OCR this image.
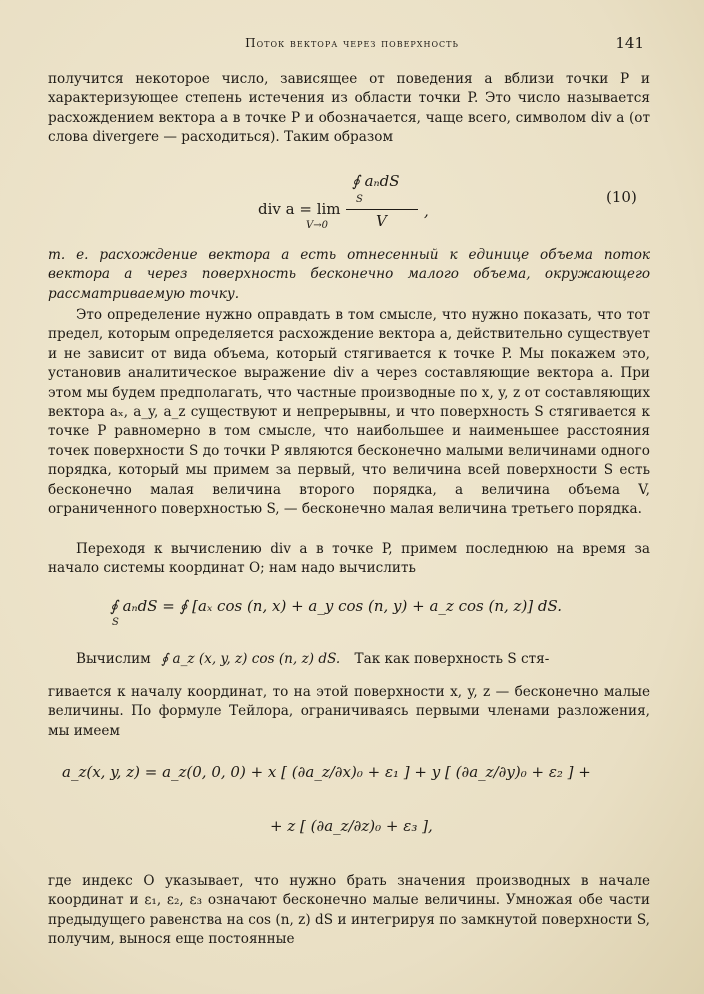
Поток вектора через поверхность	141

получится некоторое число, зависящее от поведения a вблизи точки P и характеризующее степень истечения из области точки P. Это число называется расхождением вектора a в точке P и обозначается, чаще всего, символом div a (от слова divergere — расходиться). Таким образом

∮ aₙdS
S
div a = lim
V→0	V
,
(10)

т. е. расхождение вектора a есть отнесенный к единице объема поток вектора a через поверхность бесконечно малого объема, окружающего рассматриваемую точку.

Это определение нужно оправдать в том смысле, что нужно показать, что тот предел, которым определяется расхождение вектора a, действительно существует и не зависит от вида объема, который стягивается к точке P. Мы покажем это, установив аналитическое выражение div a через составляющие вектора a. При этом мы будем предполагать, что частные производные по x, y, z от составляющих вектора aₓ, a_y, a_z существуют и непрерывны, и что поверхность S стягивается к точке P равномерно в том смысле, что наибольшее и наименьшее расстояния точек поверхности S до точки P являются бесконечно малыми величинами одного порядка, который мы примем за первый, что величина всей поверхности S есть бесконечно малая величина второго порядка, а величина объема V, ограниченного поверхностью S, — бесконечно малая величина третьего порядка.

Переходя к вычислению div a в точке P, примем последнюю на время за начало системы координат O; нам надо вычислить

∮ aₙdS = ∮ [aₓ cos (n, x) + a_y cos (n, y) + a_z cos (n, z)] dS.
S

Вычислим ∮ a_z (x, y, z) cos (n, z) dS. Так как поверхность S стя-

гивается к началу координат, то на этой поверхности x, y, z — бесконечно малые величины. По формуле Тейлора, ограничиваясь первыми членами разложения, мы имеем

a_z(x, y, z) = a_z(0, 0, 0) + x [ (∂a_z/∂x)₀ + ε₁ ] + y [ (∂a_z/∂y)₀ + ε₂ ] +
+ z [ (∂a_z/∂z)₀ + ε₃ ],

где индекс O указывает, что нужно брать значения производных в начале координат и ε₁, ε₂, ε₃ означают бесконечно малые величины. Умножая обе части предыдущего равенства на cos (n, z) dS и интегрируя по замкнутой поверхности S, получим, вынося еще постоянные
